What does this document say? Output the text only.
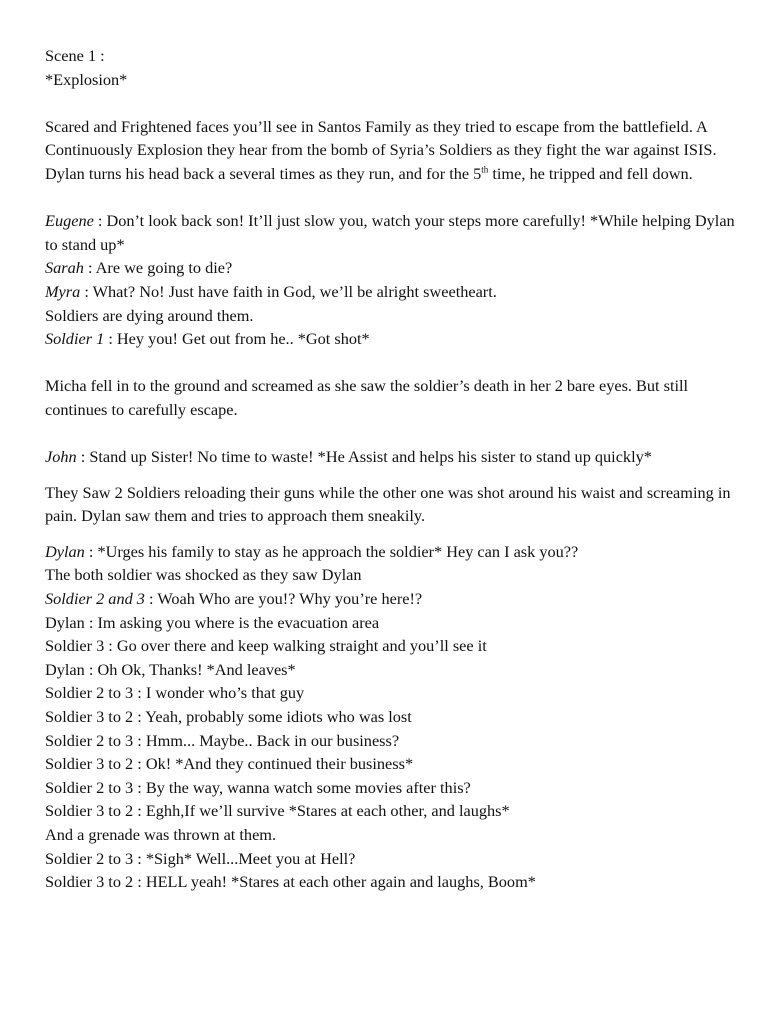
Scene 1 :

*Explosion*

Scared and Frightened faces you’ll see in Santos Family as they tried to escape from the battlefield. A Continuously Explosion they hear from the bomb of Syria’s Soldiers as they fight the war against ISIS.

Dylan turns his head back a several times as they run, and for the 5th time, he tripped and fell down.

Eugene : Don’t look back son! It’ll just slow you, watch your steps more carefully! *While helping Dylan to stand up*

Sarah : Are we going to die?

Myra : What? No! Just have faith in God, we’ll be alright sweetheart.

Soldiers are dying around them.

Soldier 1 : Hey you! Get out from he.. *Got shot*

Micha fell in to the ground and screamed as she saw the soldier’s death in her 2 bare eyes. But still continues to carefully escape.

John : Stand up Sister! No time to waste! *He Assist and helps his sister to stand up quickly*

They Saw 2 Soldiers reloading their guns while the other one was shot around his waist and screaming in pain. Dylan saw them and tries to approach them sneakily.

Dylan : *Urges his family to stay as he approach the soldier* Hey can I ask you??

The both soldier was shocked as they saw Dylan

Soldier 2 and 3 : Woah Who are you!? Why you’re here!?

Dylan : Im asking you where is the evacuation area

Soldier 3 : Go over there and keep walking straight and you’ll see it

Dylan : Oh Ok, Thanks! *And leaves*

Soldier 2 to 3 : I wonder who’s that guy

Soldier 3 to 2 : Yeah, probably some idiots who was lost

Soldier 2 to 3 : Hmm... Maybe.. Back in our business?

Soldier 3 to 2 : Ok! *And they continued their business*

Soldier 2 to 3 : By the way, wanna watch some movies after this?

Soldier 3 to 2 : Eghh,If we’ll survive *Stares at each other, and laughs*

And a grenade was thrown at them.

Soldier 2 to 3 : *Sigh* Well...Meet you at Hell?

Soldier 3 to 2 : HELL yeah! *Stares at each other again and laughs, Boom*
